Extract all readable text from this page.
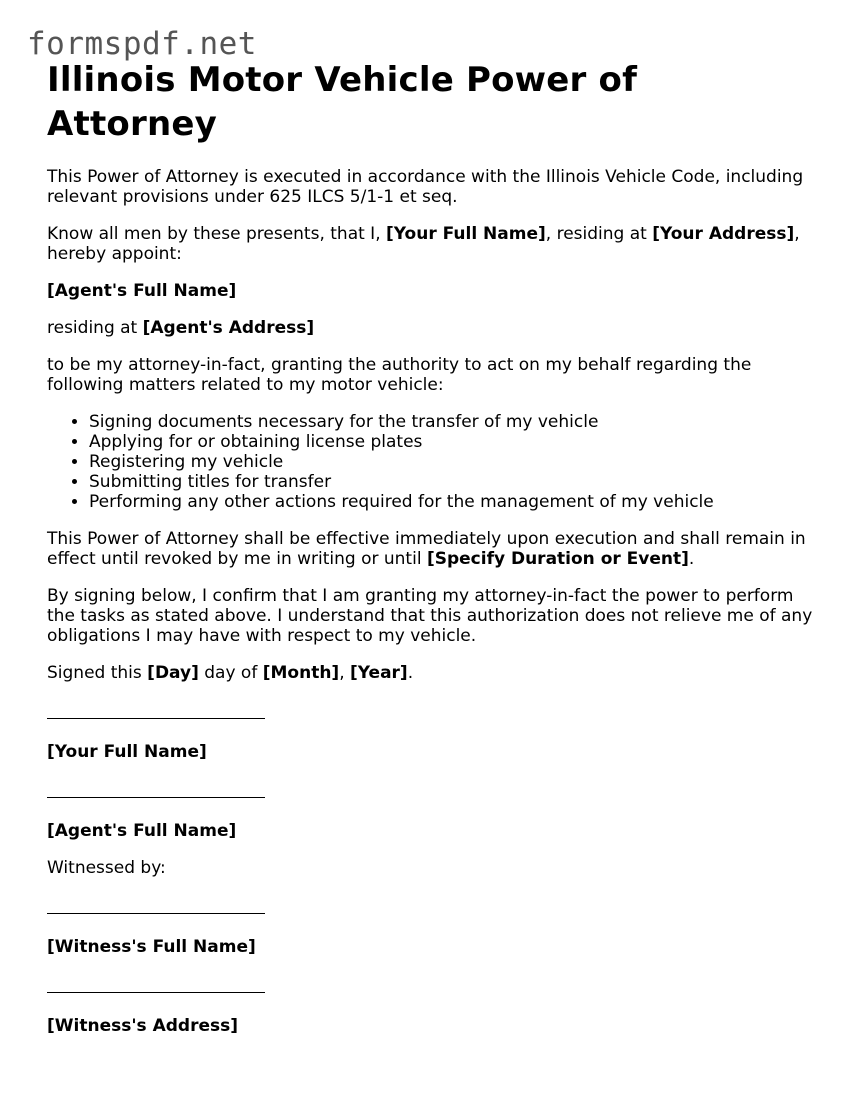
formspdf.net
Illinois Motor Vehicle Power of Attorney

This Power of Attorney is executed in accordance with the Illinois Vehicle Code, including relevant provisions under 625 ILCS 5/1-1 et seq.

Know all men by these presents, that I, [Your Full Name], residing at [Your Address], hereby appoint:

[Agent's Full Name]

residing at [Agent's Address]

to be my attorney-in-fact, granting the authority to act on my behalf regarding the following matters related to my motor vehicle:

• Signing documents necessary for the transfer of my vehicle
• Applying for or obtaining license plates
• Registering my vehicle
• Submitting titles for transfer
• Performing any other actions required for the management of my vehicle

This Power of Attorney shall be effective immediately upon execution and shall remain in effect until revoked by me in writing or until [Specify Duration or Event].

By signing below, I confirm that I am granting my attorney-in-fact the power to perform the tasks as stated above. I understand that this authorization does not relieve me of any obligations I may have with respect to my vehicle.

Signed this [Day] day of [Month], [Year].

[Your Full Name]

[Agent's Full Name]

Witnessed by:

[Witness's Full Name]

[Witness's Address]
